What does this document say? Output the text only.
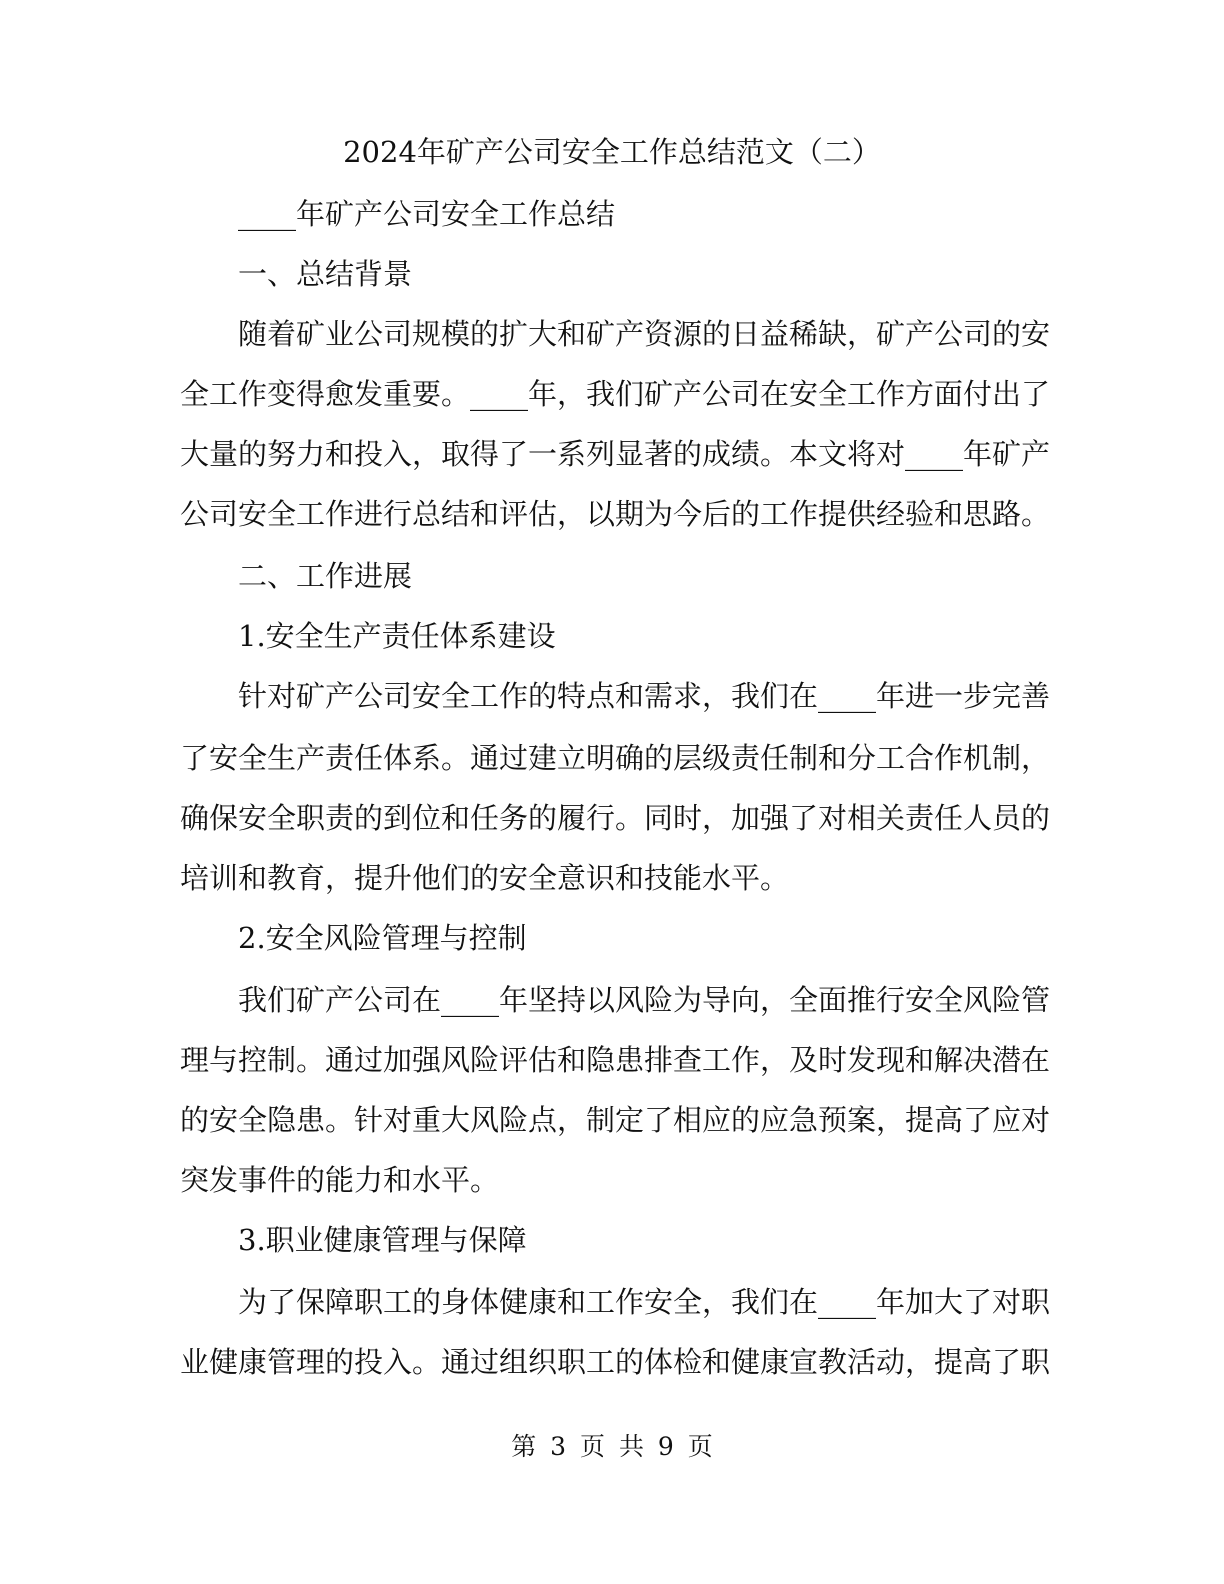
2024年矿产公司安全工作总结范文（二）
____年矿产公司安全工作总结
一、总结背景
随着矿业公司规模的扩大和矿产资源的日益稀缺，矿产公司的安
全工作变得愈发重要。____年，我们矿产公司在安全工作方面付出了
大量的努力和投入，取得了一系列显著的成绩。本文将对____年矿产
公司安全工作进行总结和评估，以期为今后的工作提供经验和思路。
二、工作进展
1.安全生产责任体系建设
针对矿产公司安全工作的特点和需求，我们在____年进一步完善
了安全生产责任体系。通过建立明确的层级责任制和分工合作机制，
确保安全职责的到位和任务的履行。同时，加强了对相关责任人员的
培训和教育，提升他们的安全意识和技能水平。
2.安全风险管理与控制
我们矿产公司在____年坚持以风险为导向，全面推行安全风险管
理与控制。通过加强风险评估和隐患排查工作，及时发现和解决潜在
的安全隐患。针对重大风险点，制定了相应的应急预案，提高了应对
突发事件的能力和水平。
3.职业健康管理与保障
为了保障职工的身体健康和工作安全，我们在____年加大了对职
业健康管理的投入。通过组织职工的体检和健康宣教活动，提高了职
第 3 页 共 9 页
